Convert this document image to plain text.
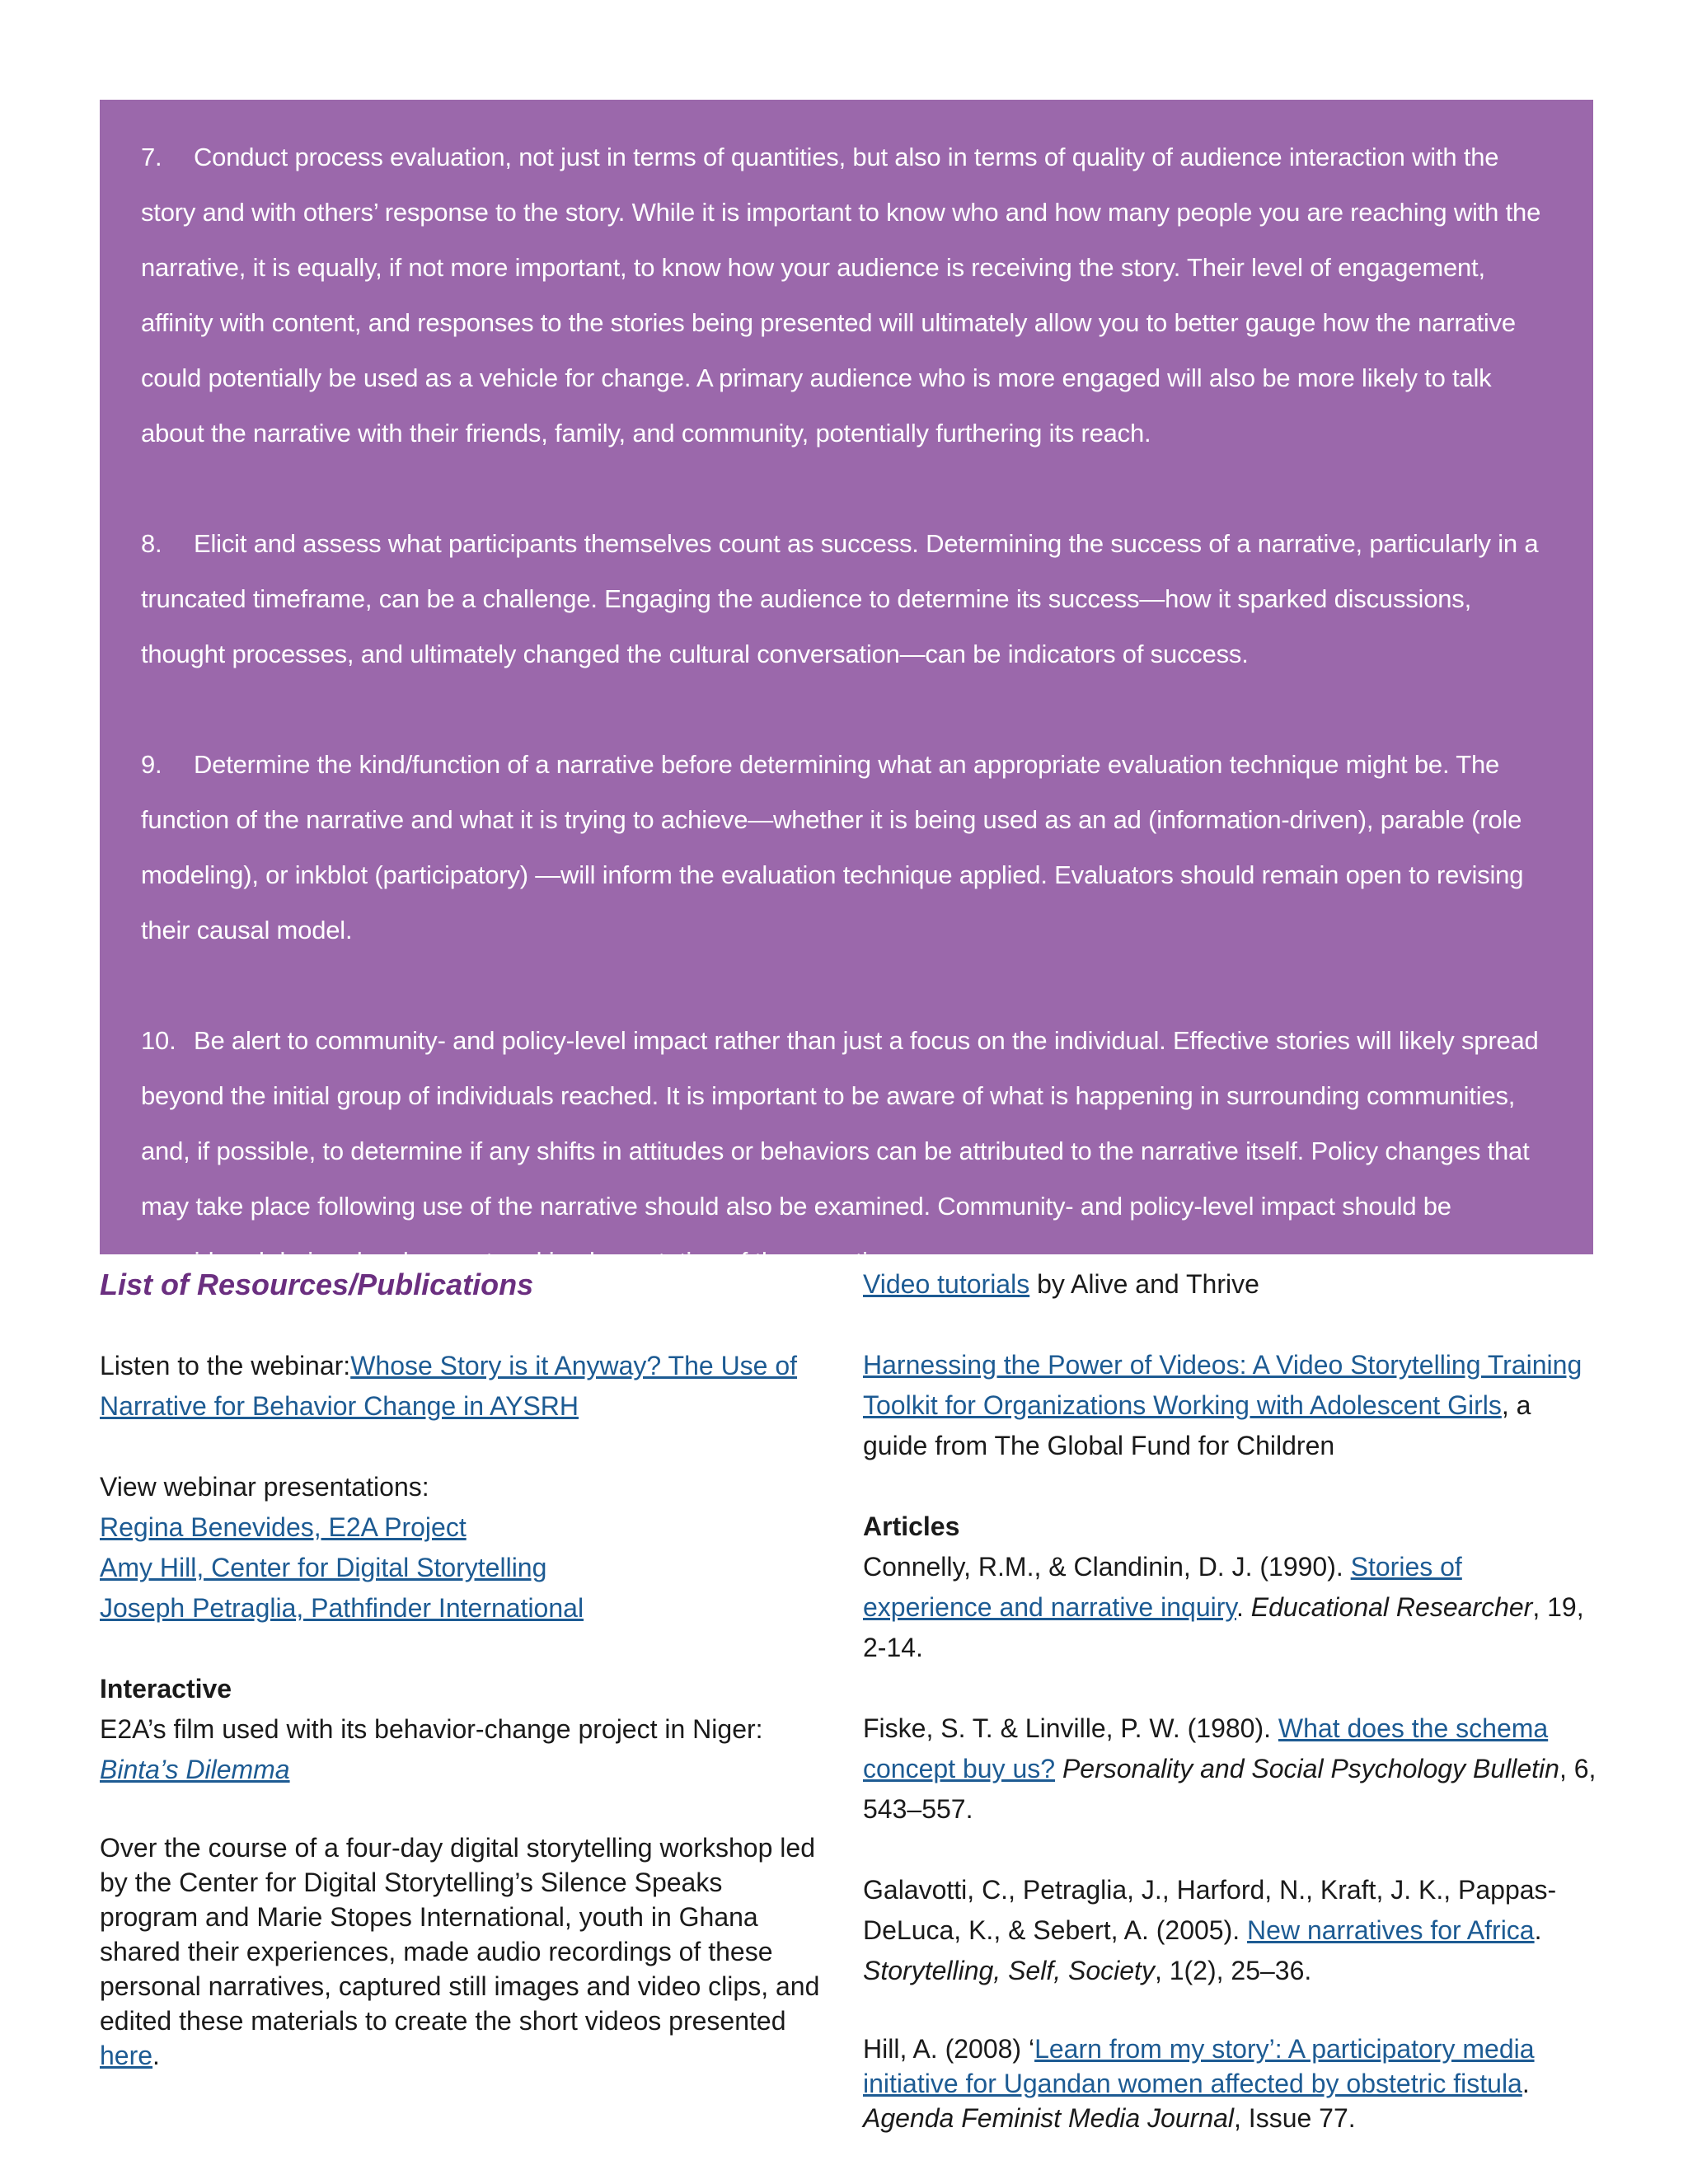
7. Conduct process evaluation, not just in terms of quantities, but also in terms of quality of audience interaction with the story and with others’ response to the story. While it is important to know who and how many people you are reaching with the narrative, it is equally, if not more important, to know how your audience is receiving the story. Their level of engagement, affinity with content, and responses to the stories being presented will ultimately allow you to better gauge how the narrative could potentially be used as a vehicle for change. A primary audience who is more engaged will also be more likely to talk about the narrative with their friends, family, and community, potentially furthering its reach.

8. Elicit and assess what participants themselves count as success. Determining the success of a narrative, particularly in a truncated timeframe, can be a challenge. Engaging the audience to determine its success—how it sparked discussions, thought processes, and ultimately changed the cultural conversation—can be indicators of success.

9. Determine the kind/function of a narrative before determining what an appropriate evaluation technique might be. The function of the narrative and what it is trying to achieve—whether it is being used as an ad (information-driven), parable (role modeling), or inkblot (participatory) —will inform the evaluation technique applied. Evaluators should remain open to revising their causal model.

10. Be alert to community- and policy-level impact rather than just a focus on the individual. Effective stories will likely spread beyond the initial group of individuals reached. It is important to be aware of what is happening in surrounding communities, and, if possible, to determine if any shifts in attitudes or behaviors can be attributed to the narrative itself. Policy changes that may take place following use of the narrative should also be examined. Community- and policy-level impact should be considered during development and implementation of the narrative.

List of Resources/Publications

Listen to the webinar:Whose Story is it Anyway? The Use of Narrative for Behavior Change in AYSRH

View webinar presentations:
Regina Benevides, E2A Project
Amy Hill, Center for Digital Storytelling
Joseph Petraglia, Pathfinder International
Interactive

E2A’s film used with its behavior-change project in Niger: Binta’s Dilemma

Over the course of a four-day digital storytelling workshop led by the Center for Digital Storytelling’s Silence Speaks program and Marie Stopes International, youth in Ghana shared their experiences, made audio recordings of these personal narratives, captured still images and video clips, and edited these materials to create the short videos presented here.

Video tutorials by Alive and Thrive

Harnessing the Power of Videos: A Video Storytelling Training Toolkit for Organizations Working with Adolescent Girls, a guide from The Global Fund for Children

Articles

Connelly, R.M., & Clandinin, D. J. (1990). Stories of experience and narrative inquiry. Educational Researcher, 19, 2-14.

Fiske, S. T. & Linville, P. W. (1980). What does the schema concept buy us? Personality and Social Psychology Bulletin, 6, 543–557.

Galavotti, C., Petraglia, J., Harford, N., Kraft, J. K., Pappas-DeLuca, K., & Sebert, A. (2005). New narratives for Africa. Storytelling, Self, Society, 1(2), 25–36.

Hill, A. (2008) ‘Learn from my story’: A participatory media initiative for Ugandan women affected by obstetric fistula. Agenda Feminist Media Journal, Issue 77.
